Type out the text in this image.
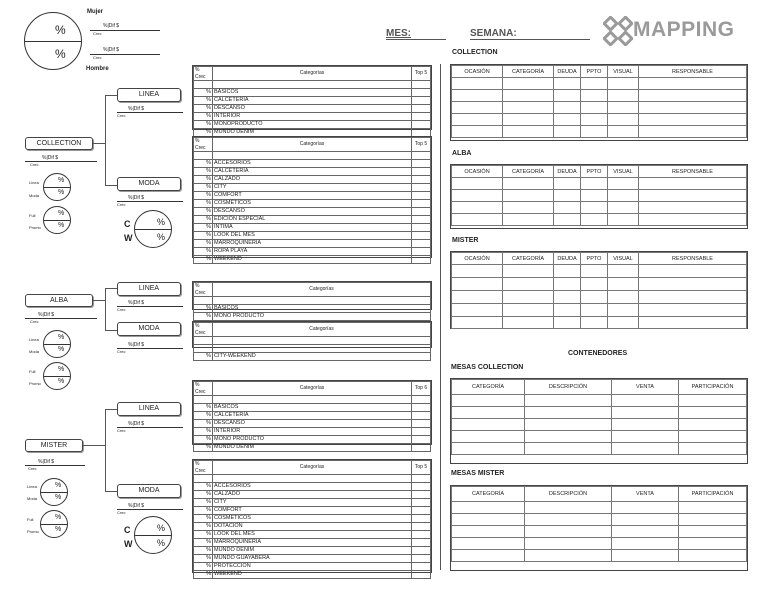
%
%
Mujer
%|Dif $
Crec
%|Dif $
Crec
Hombre
MES:	SEMANA:	MAPPING
COLLECTION
%|Dif $
Crec
LINEA
%|Dif $
Crec
MODA
%|Dif $
Crec
Linea
Moda
%
%
Full
Promo
%
%	C
W
%
%
% Crec	Categorías	Top 5

%	BÁSICOS	
%	CALCETERÍA	
%	DESCANSO	
%	INTERIOR	
%	MONOPRODUCTO	
%	MUNDO DENIM	
% Crec	Categorías	Top 5

%	ACCESORIOS	
%	CALCETERÍA	
%	CALZADO	
%	CITY	
%	COMFORT	
%	COSMÉTICOS	
%	DESCANSO	
%	EDICIÓN ESPECIAL	
%	INTIMA	
%	LOOK DEL MES	
%	MARROQUINERIA	
%	ROPA PLAYA	
%	WEEKEND	
ALBA
%|Dif $
Crec
LINEA
%|Dif $
Crec
MODA
%|Dif $
Crec
Linea
Moda
%
%
Full
Promo
%
%
% Crec	Categorías

%	BÁSICOS
%	MONO PRODUCTO
% Crec	Categorías

%	CITY-WEEKEND
MISTER
%|Dif $
Crec
LINEA
%|Dif $
Crec
MODA
%|Dif $
Crec
Linea
Moda
%
%
Full
Promo
%
%	C
W
%
%
% Crec	Categorías	Top 6

%	BÁSICOS	
%	CALCETERÍA	
%	DESCANSO	
%	INTERIOR	
%	MONO PRODUCTO	
%	MUNDO DENIM	
% Crec	Categorías	Top 5

%	ACCESORIOS	
%	CALZADO	
%	CITY	
%	COMFORT	
%	COSMETICOS	
%	DOTACION	
%	LOOK DEL MES	
%	MARROQUINERIA	
%	MUNDO DENIM	
%	MUNDO GUAYABERA	
%	PROTECCION	
%	WEEKEND	
COLLECTION
OCASIÓN	CATEGORÍA	DEUDA	PPTO	VISUAL	RESPONSABLE

ALBA
OCASIÓN	CATEGORÍA	DEUDA	PPTO	VISUAL	RESPONSABLE

MISTER
OCASIÓN	CATEGORÍA	DEUDA	PPTO	VISUAL	RESPONSABLE

CONTENEDORES
MESAS COLLECTION
CATEGORÍA	DESCRIPCIÓN	VENTA	PARTICIPACIÓN

MESAS MISTER
CATEGORÍA	DESCRIPCIÓN	VENTA	PARTICIPACIÓN
